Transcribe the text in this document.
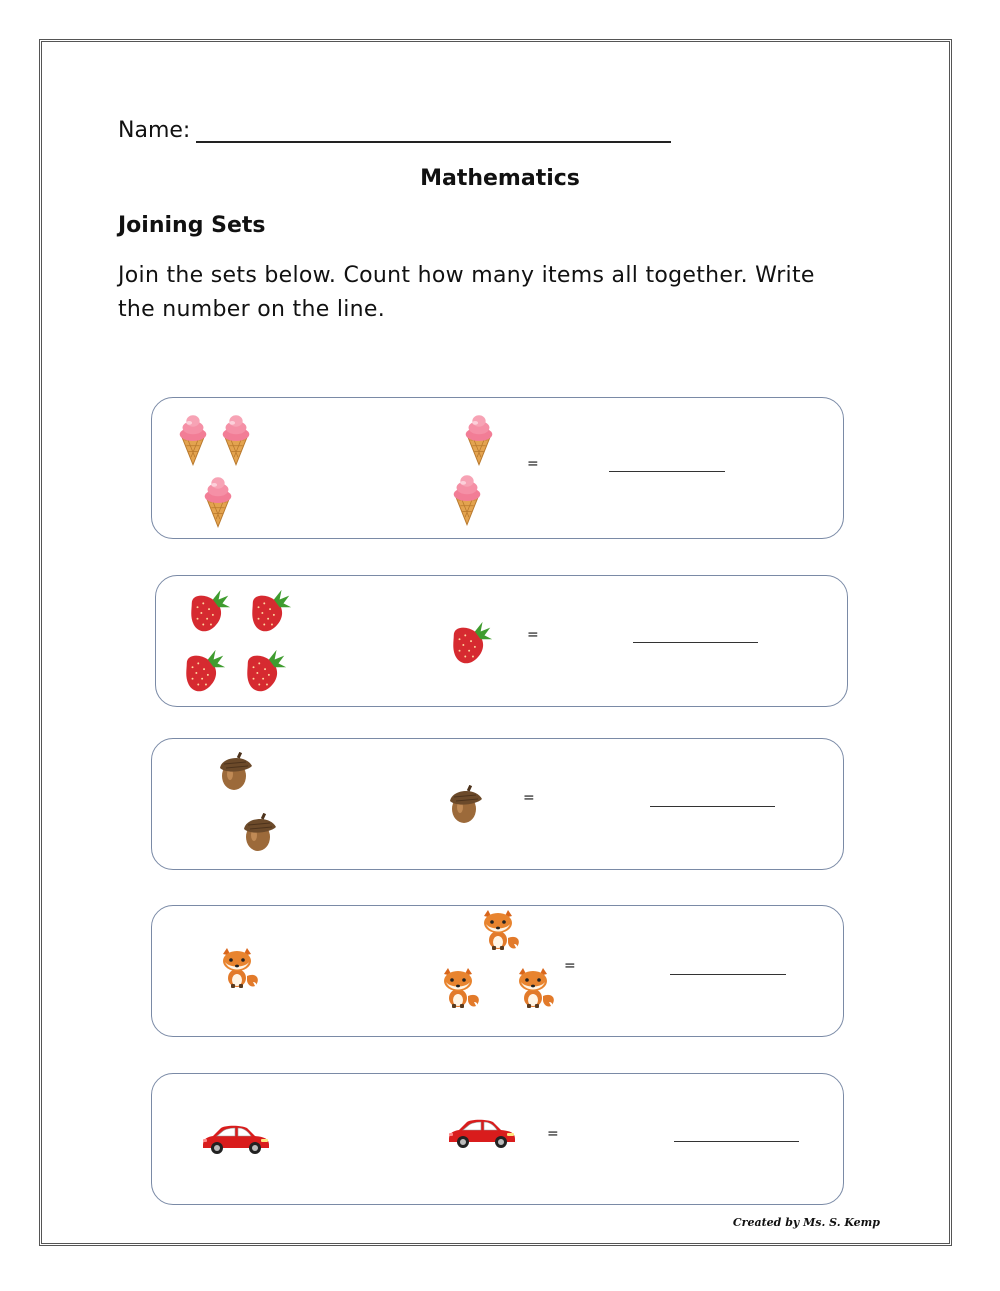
Name:
Mathematics
Joining Sets
Join the sets below. Count how many items all together. Write the number on the line.
=
=
=
=
=
Created by Ms. S. Kemp
